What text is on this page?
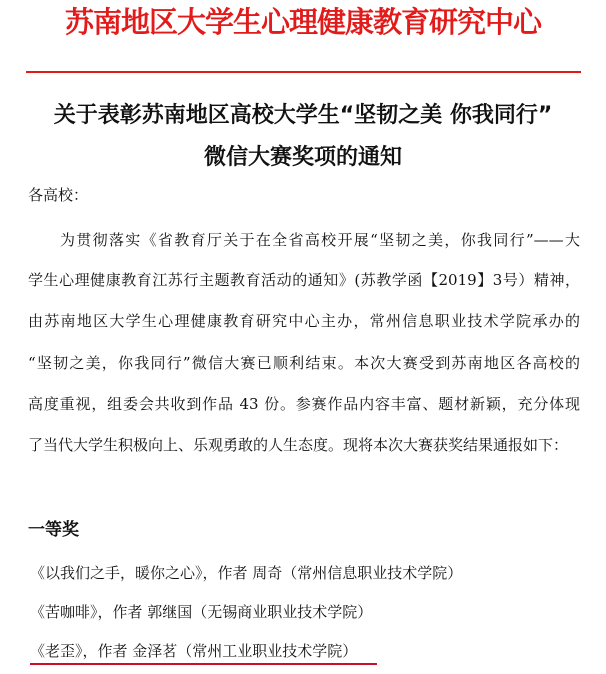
苏南地区大学生心理健康教育研究中心
关于表彰苏南地区高校大学生“坚韧之美 你我同行”
微信大赛奖项的通知
各高校：
为贯彻落实《省教育厅关于在全省高校开展“坚韧之美，你我同行”——大
学生心理健康教育江苏行主题教育活动的通知》(苏教学函【2019】3号）精神，
由苏南地区大学生心理健康教育研究中心主办，常州信息职业技术学院承办的
“坚韧之美，你我同行”微信大赛已顺利结束。本次大赛受到苏南地区各高校的
高度重视，组委会共收到作品 43 份。参赛作品内容丰富、题材新颖，充分体现
了当代大学生积极向上、乐观勇敢的人生态度。现将本次大赛获奖结果通报如下：
一等奖
《以我们之手，暖你之心》，作者 周奇（常州信息职业技术学院）
《苦咖啡》，作者 郭继国（无锡商业职业技术学院）
《老歪》，作者 金泽茗（常州工业职业技术学院）
